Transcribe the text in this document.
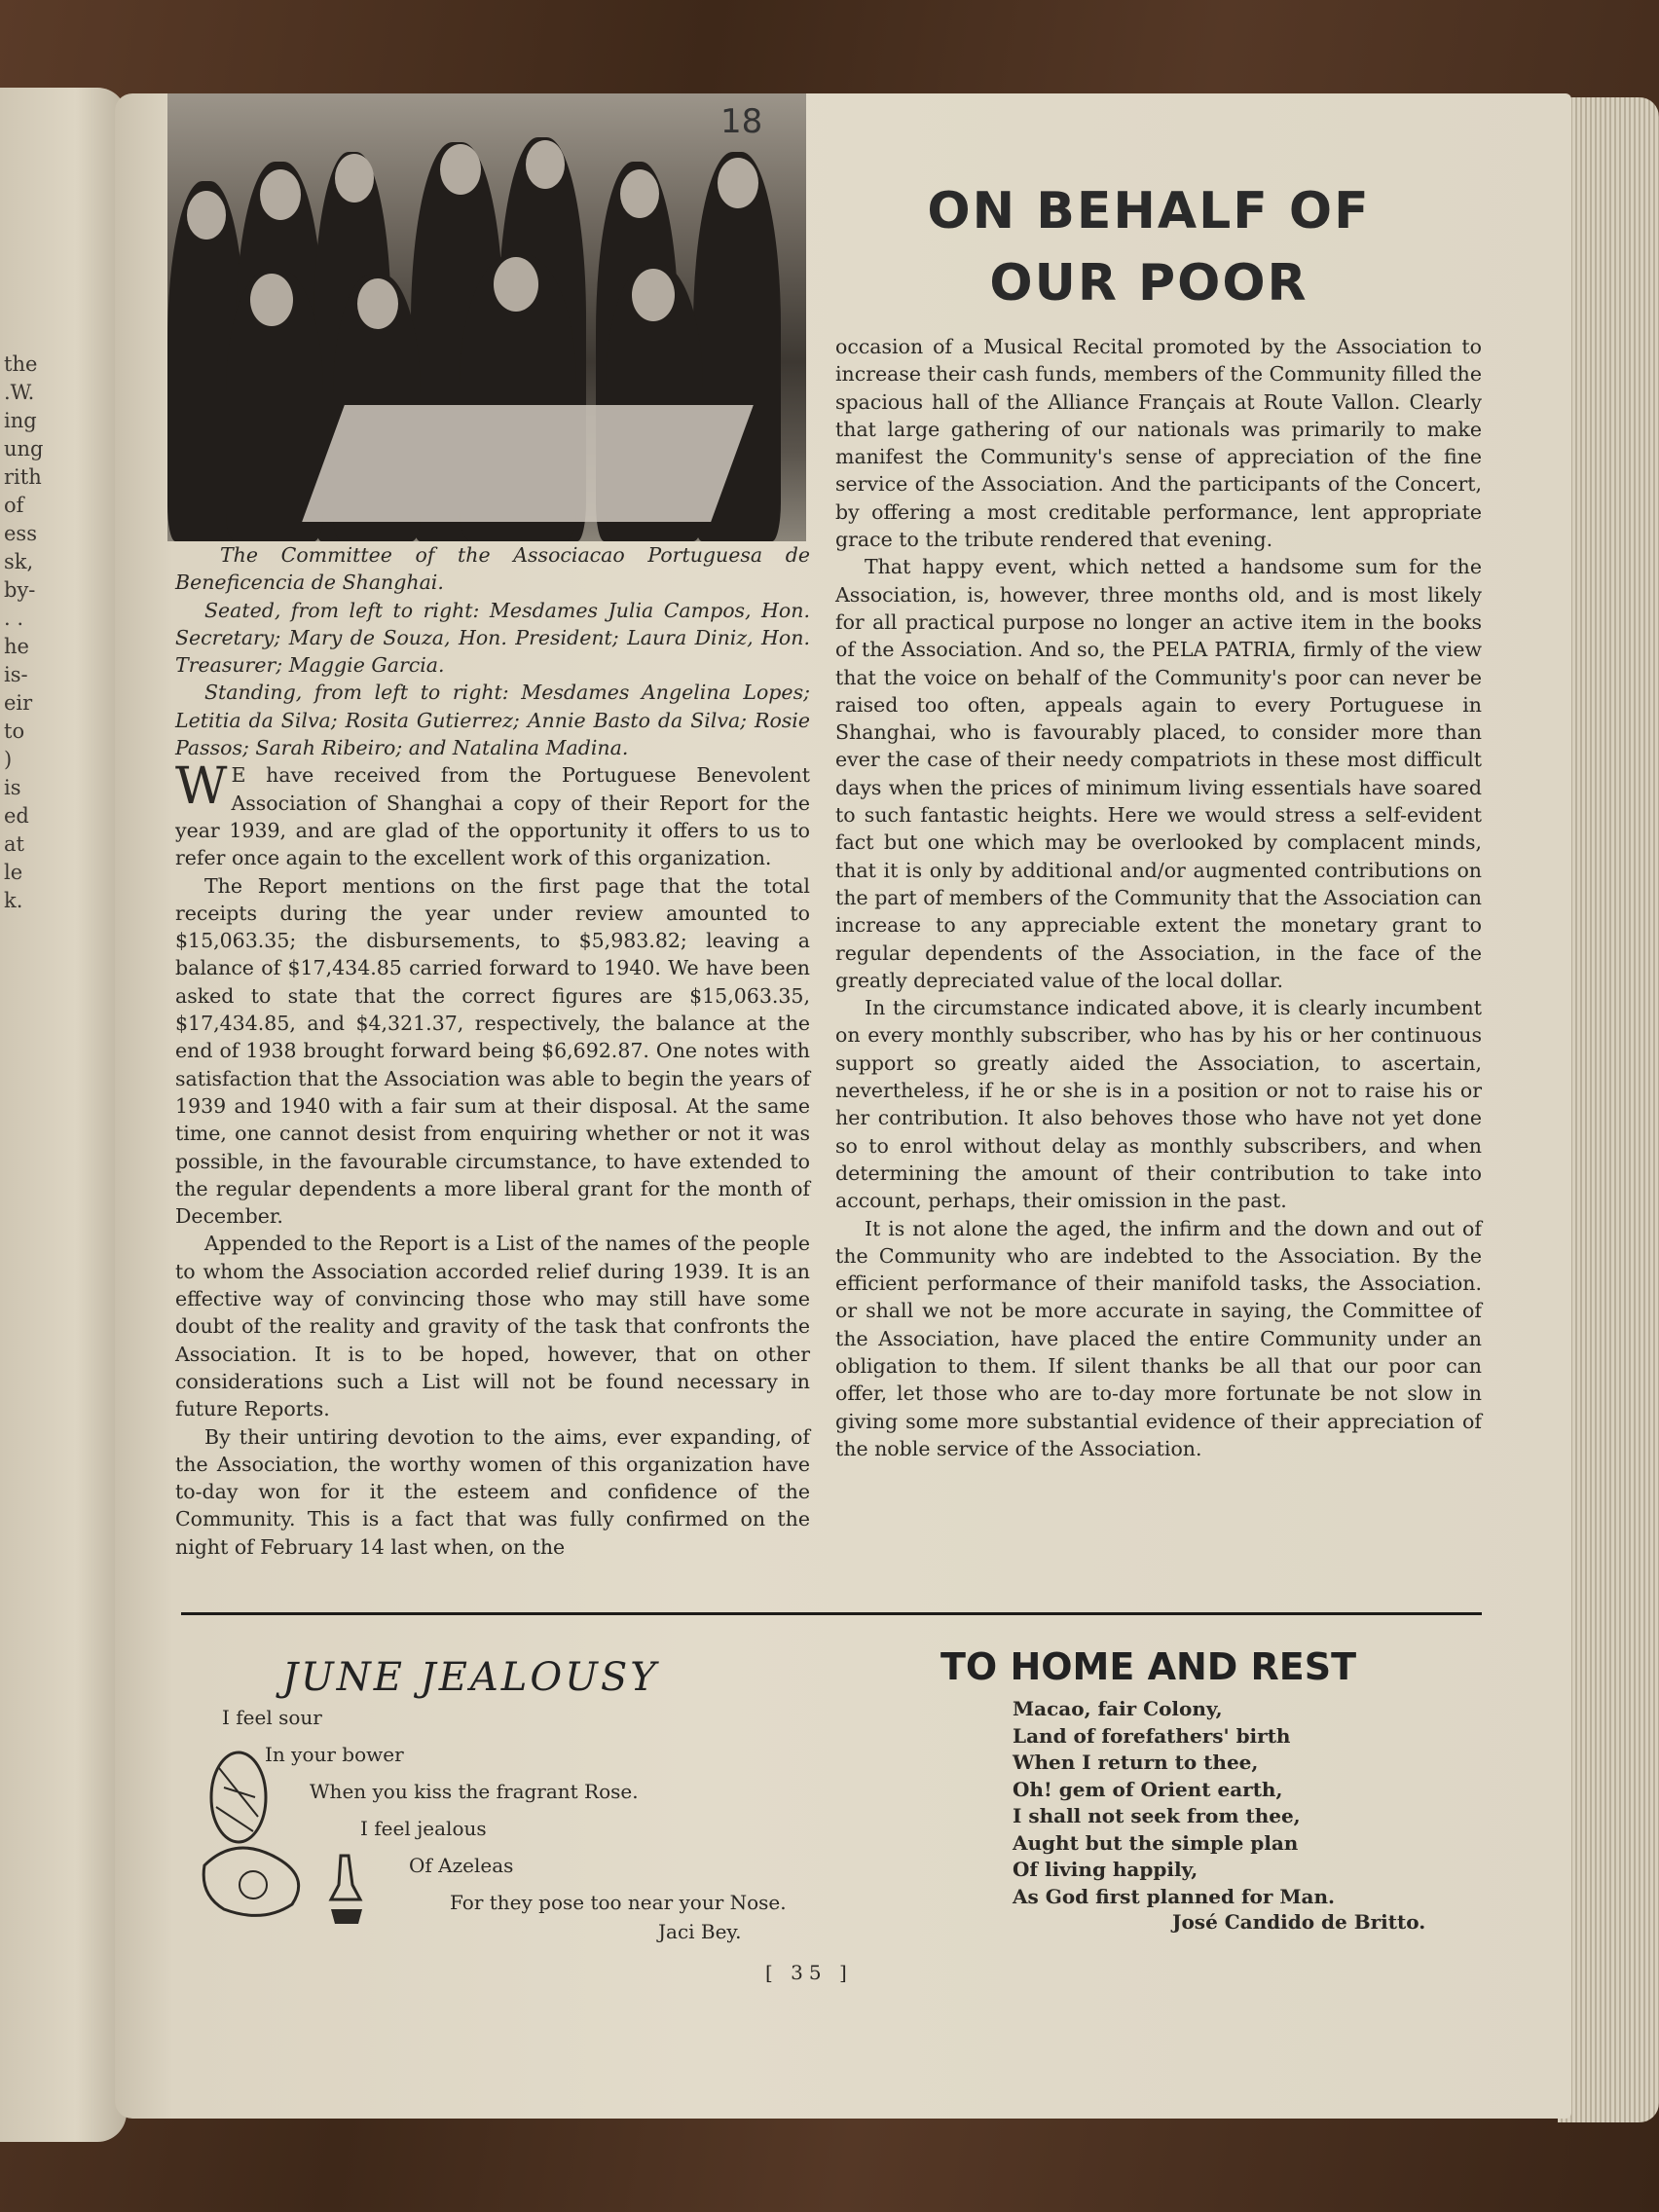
the
.W.
ing
ung
rith
of
ess
sk,
by-
. .
he
is-
eir
to
)
is
ed
at
le
k.
18
ON BEHALF OF
OUR POOR

The Committee of the Associacao Portuguesa de Beneficencia de Shanghai.

Seated, from left to right: Mesdames Julia Campos, Hon. Secretary; Mary de Souza, Hon. President; Laura Diniz, Hon. Treasurer; Maggie Garcia.

Standing, from left to right: Mesdames Angelina Lopes; Letitia da Silva; Rosita Gutierrez; Annie Basto da Silva; Rosie Passos; Sarah Ribeiro; and Natalina Madina.

W E have received from the Portuguese Benevolent Association of Shanghai a copy of their Report for the year 1939, and are glad of the opportunity it offers to us to refer once again to the excellent work of this organization.

The Report mentions on the first page that the total receipts during the year under review amounted to $15,063.35; the disbursements, to $5,983.82; leaving a balance of $17,434.85 carried forward to 1940. We have been asked to state that the correct figures are $15,063.35, $17,434.85, and $4,321.37, respectively, the balance at the end of 1938 brought forward being $6,692.87. One notes with satisfaction that the Association was able to begin the years of 1939 and 1940 with a fair sum at their disposal. At the same time, one cannot desist from enquiring whether or not it was possible, in the favourable circumstance, to have extended to the regular dependents a more liberal grant for the month of December.

Appended to the Report is a List of the names of the people to whom the Association accorded relief during 1939. It is an effective way of convincing those who may still have some doubt of the reality and gravity of the task that confronts the Association. It is to be hoped, however, that on other considerations such a List will not be found necessary in future Reports.

By their untiring devotion to the aims, ever expanding, of the Association, the worthy women of this organization have to-day won for it the esteem and confidence of the Community. This is a fact that was fully confirmed on the night of February 14 last when, on the

occasion of a Musical Recital promoted by the Association to increase their cash funds, members of the Community filled the spacious hall of the Alliance Français at Route Vallon. Clearly that large gathering of our nationals was primarily to make manifest the Community's sense of appreciation of the fine service of the Association. And the participants of the Concert, by offering a most creditable performance, lent appropriate grace to the tribute rendered that evening.

That happy event, which netted a handsome sum for the Association, is, however, three months old, and is most likely for all practical purpose no longer an active item in the books of the Association. And so, the PELA PATRIA, firmly of the view that the voice on behalf of the Community's poor can never be raised too often, appeals again to every Portuguese in Shanghai, who is favourably placed, to consider more than ever the case of their needy compatriots in these most difficult days when the prices of minimum living essentials have soared to such fantastic heights. Here we would stress a self-evident fact but one which may be overlooked by complacent minds, that it is only by additional and/or augmented contributions on the part of members of the Community that the Association can increase to any appreciable extent the monetary grant to regular dependents of the Association, in the face of the greatly depreciated value of the local dollar.

In the circumstance indicated above, it is clearly incumbent on every monthly subscriber, who has by his or her continuous support so greatly aided the Association, to ascertain, nevertheless, if he or she is in a position or not to raise his or her contribution. It also behoves those who have not yet done so to enrol without delay as monthly subscribers, and when determining the amount of their contribution to take into account, perhaps, their omission in the past.

It is not alone the aged, the infirm and the down and out of the Community who are indebted to the Association. By the efficient performance of their manifold tasks, the Association. or shall we not be more accurate in saying, the Committee of the Association, have placed the entire Community under an obligation to them. If silent thanks be all that our poor can offer, let those who are to-day more fortunate be not slow in giving some more substantial evidence of their appreciation of the noble service of the Association.

JUNE JEALOUSY
I feel sour
In your bower
When you kiss the fragrant Rose.
I feel jealous
Of Azeleas
For they pose too near your Nose.
Jaci Bey.
TO HOME AND REST
Macao, fair Colony,
Land of forefathers' birth
When I return to thee,
Oh! gem of Orient earth,
I shall not seek from thee,
Aught but the simple plan
Of living happily,
As God first planned for Man.
José Candido de Britto.
[ 35 ]
